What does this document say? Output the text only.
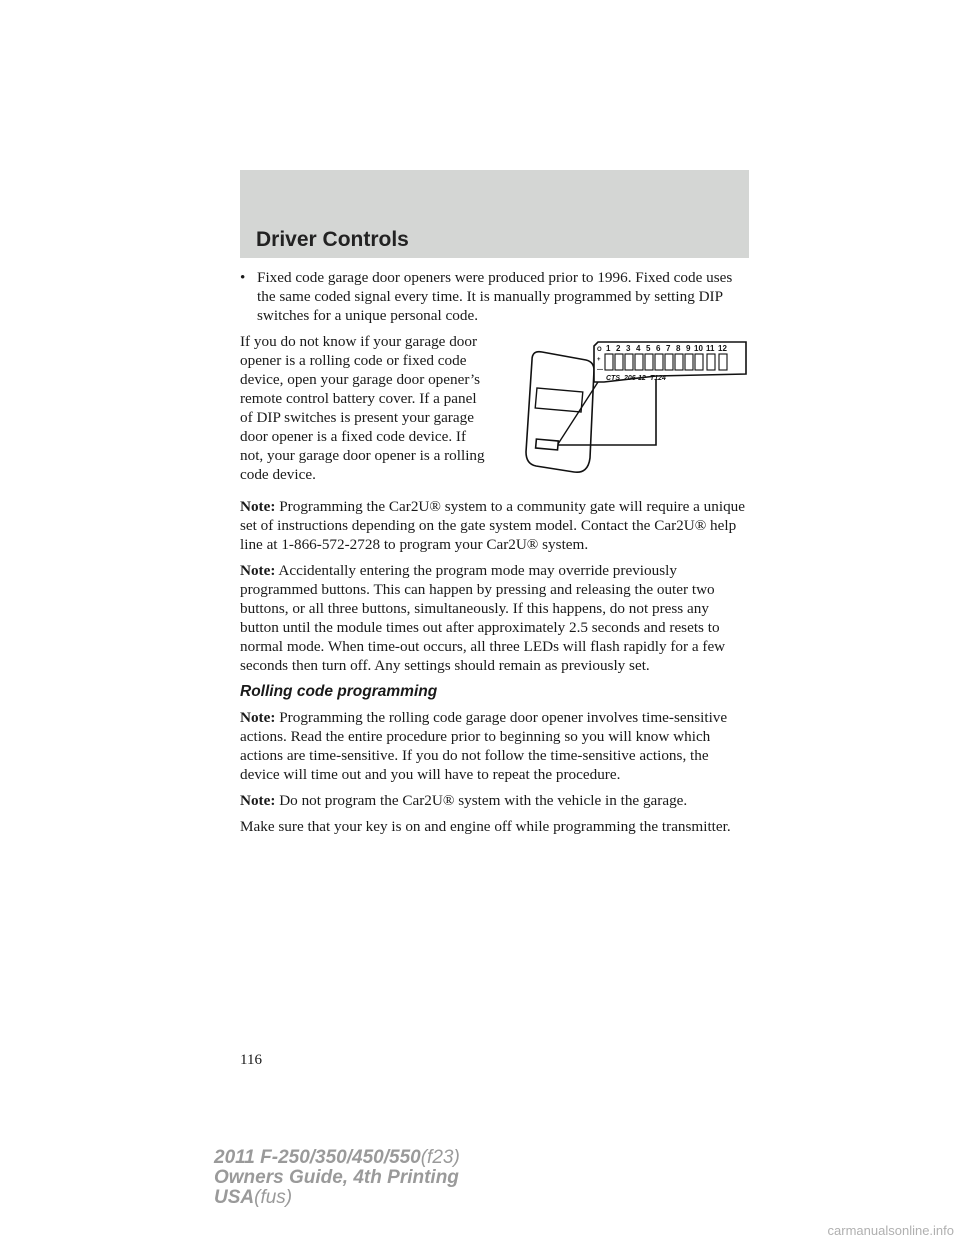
Driver Controls
• Fixed code garage door openers were produced prior to 1996. Fixed code uses the same coded signal every time. It is manually programmed by setting DIP switches for a unique personal code.
If you do not know if your garage door opener is a rolling code or fixed code device, open your garage door opener’s remote control battery cover. If a panel of DIP switches is present your garage door opener is a fixed code device. If not, your garage door opener is a rolling code device.
1 2 3 4 5 6 7 8 9 10 11 12
O
+
—
CTS 206-12 T124

Note: Programming the Car2U® system to a community gate will require a unique set of instructions depending on the gate system model. Contact the Car2U® help line at 1-866-572-2728 to program your Car2U® system.

Note: Accidentally entering the program mode may override previously programmed buttons. This can happen by pressing and releasing the outer two buttons, or all three buttons, simultaneously. If this happens, do not press any button until the module times out after approximately 2.5 seconds and resets to normal mode. When time-out occurs, all three LEDs will flash rapidly for a few seconds then turn off. Any settings should remain as previously set.

Rolling code programming

Note: Programming the rolling code garage door opener involves time-sensitive actions. Read the entire procedure prior to beginning so you will know which actions are time-sensitive. If you do not follow the time-sensitive actions, the device will time out and you will have to repeat the procedure.

Note: Do not program the Car2U® system with the vehicle in the garage.

Make sure that your key is on and engine off while programming the transmitter.

116
2011 F-250/350/450/550(f23)
Owners Guide, 4th Printing
USA(fus)
carmanualsonline.info
